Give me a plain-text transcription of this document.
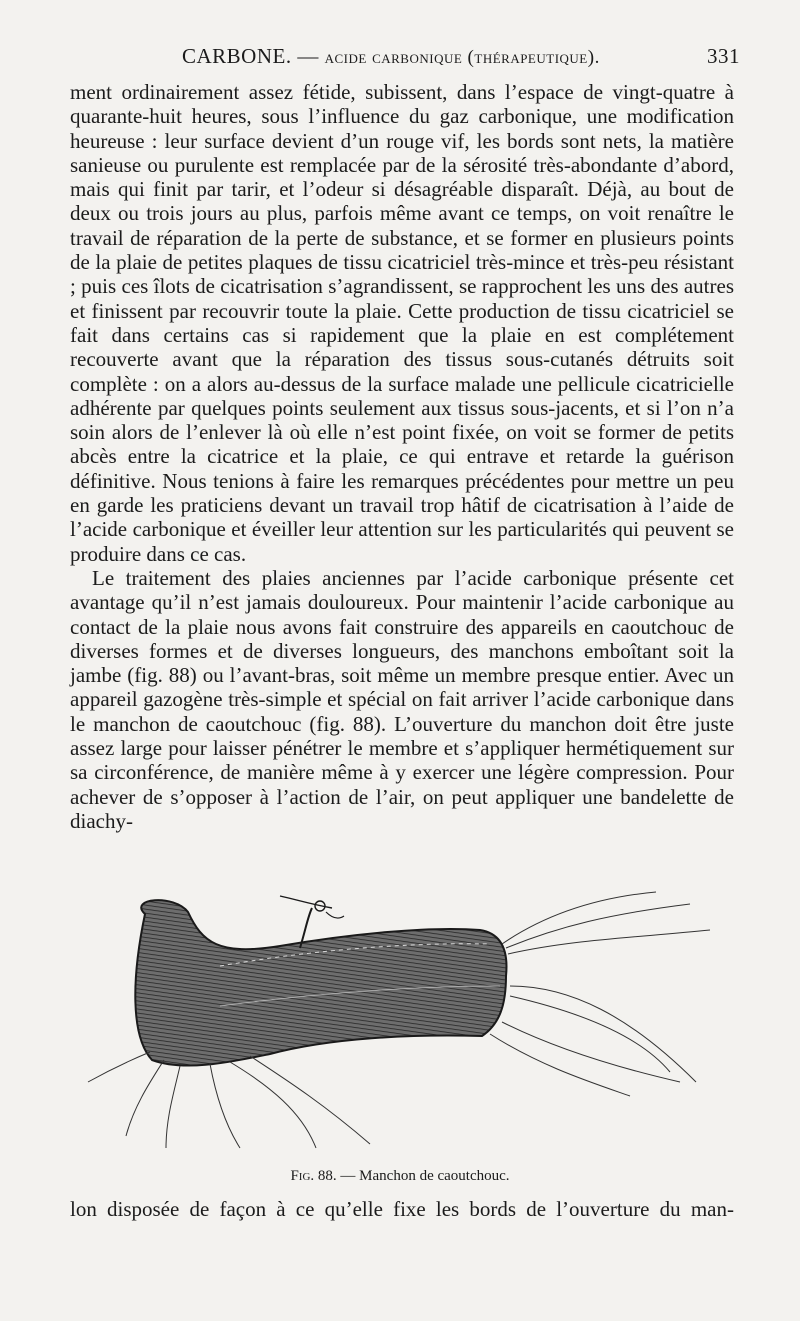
CARBONE. — acide carbonique (thérapeutique).	331

ment ordinairement assez fétide, subissent, dans l’espace de vingt-quatre à quarante-huit heures, sous l’influence du gaz carbonique, une modification heureuse : leur surface devient d’un rouge vif, les bords sont nets, la matière sanieuse ou purulente est remplacée par de la sérosité très-abondante d’abord, mais qui finit par tarir, et l’odeur si désagréable disparaît. Déjà, au bout de deux ou trois jours au plus, parfois même avant ce temps, on voit renaître le travail de réparation de la perte de substance, et se former en plusieurs points de la plaie de petites plaques de tissu cicatriciel très-mince et très-peu résistant ; puis ces îlots de cicatrisation s’agrandissent, se rapprochent les uns des autres et finissent par recouvrir toute la plaie. Cette production de tissu cicatriciel se fait dans certains cas si rapidement que la plaie en est complétement recouverte avant que la réparation des tissus sous-cutanés détruits soit complète : on a alors au-dessus de la surface malade une pellicule cicatricielle adhérente par quelques points seulement aux tissus sous-jacents, et si l’on n’a soin alors de l’enlever là où elle n’est point fixée, on voit se former de petits abcès entre la cicatrice et la plaie, ce qui entrave et retarde la guérison définitive. Nous tenions à faire les remarques précédentes pour mettre un peu en garde les praticiens devant un travail trop hâtif de cicatrisation à l’aide de l’acide carbonique et éveiller leur attention sur les particularités qui peuvent se produire dans ce cas.

Le traitement des plaies anciennes par l’acide carbonique présente cet avantage qu’il n’est jamais douloureux. Pour maintenir l’acide carbonique au contact de la plaie nous avons fait construire des appareils en caoutchouc de diverses formes et de diverses longueurs, des manchons emboîtant soit la jambe (fig. 88) ou l’avant-bras, soit même un membre presque entier. Avec un appareil gazogène très-simple et spécial on fait arriver l’acide carbonique dans le manchon de caoutchouc (fig. 88). L’ouverture du manchon doit être juste assez large pour laisser pénétrer le membre et s’appliquer hermétiquement sur sa circonférence, de manière même à y exercer une légère compression. Pour achever de s’opposer à l’action de l’air, on peut appliquer une bandelette de diachy-

Fig. 88. — Manchon de caoutchouc.
lon disposée de façon à ce qu’elle fixe les bords de l’ouverture du man-
